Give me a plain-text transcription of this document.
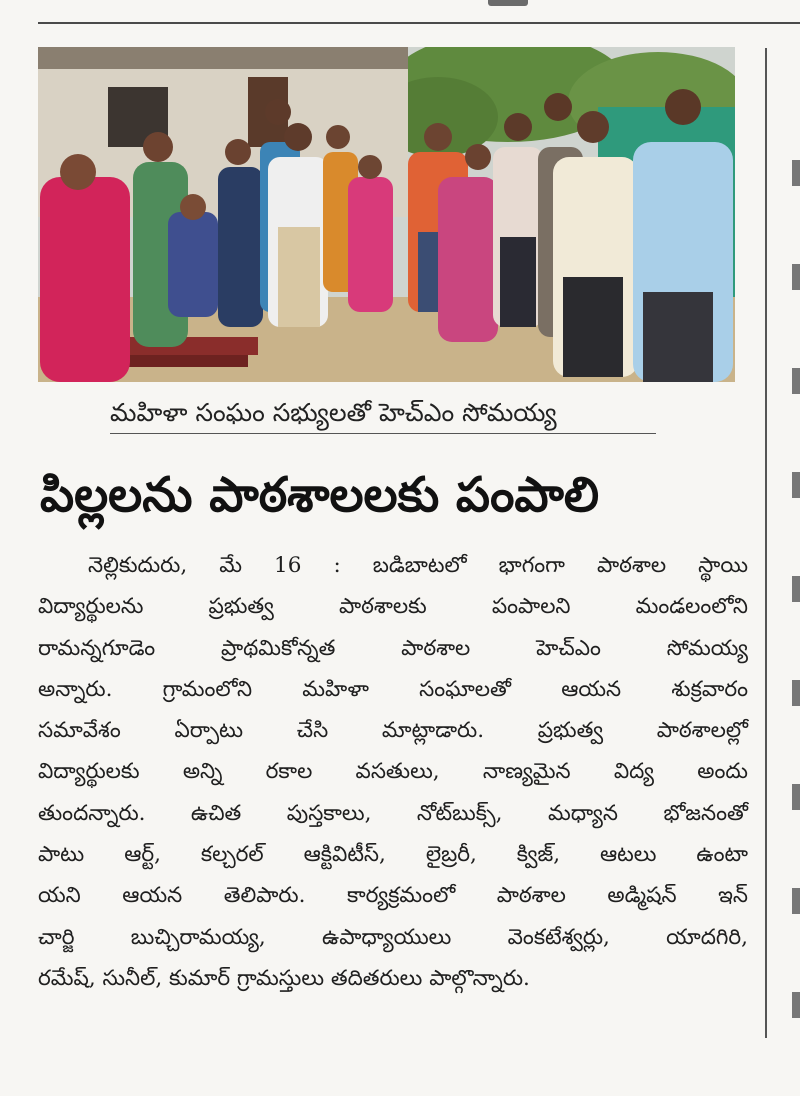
మహిళా సంఘం సభ్యులతో హెచ్‌ఎం సోమయ్య
పిల్లలను పాఠశాలలకు పంపాలి
నెల్లికుదురు, మే 16 : బడిబాటలో భాగంగా పాఠశాల స్థాయి
విద్యార్థులను ప్రభుత్వ పాఠశాలకు పంపాలని మండలంలోని
రామన్నగూడెం ప్రాథమికోన్నత పాఠశాల హెచ్‌ఎం సోమయ్య
అన్నారు. గ్రామంలోని మహిళా సంఘాలతో ఆయన శుక్రవారం
సమావేశం ఏర్పాటు చేసి మాట్లాడారు. ప్రభుత్వ పాఠశాలల్లో
విద్యార్థులకు అన్ని రకాల వసతులు, నాణ్యమైన విద్య అందు
తుందన్నారు. ఉచిత పుస్తకాలు, నోట్‌బుక్స్, మధ్యాన భోజనంతో
పాటు ఆర్ట్, కల్చరల్ ఆక్టివిటీస్, లైబ్రరీ, క్విజ్, ఆటలు ఉంటా
యని ఆయన తెలిపారు. కార్యక్రమంలో పాఠశాల అడ్మిషన్ ఇన్
చార్జి బుచ్చిరామయ్య, ఉపాధ్యాయులు వెంకటేశ్వర్లు, యాదగిరి,
రమేష్, సునీల్, కుమార్ గ్రామస్తులు తదితరులు పాల్గొన్నారు.
